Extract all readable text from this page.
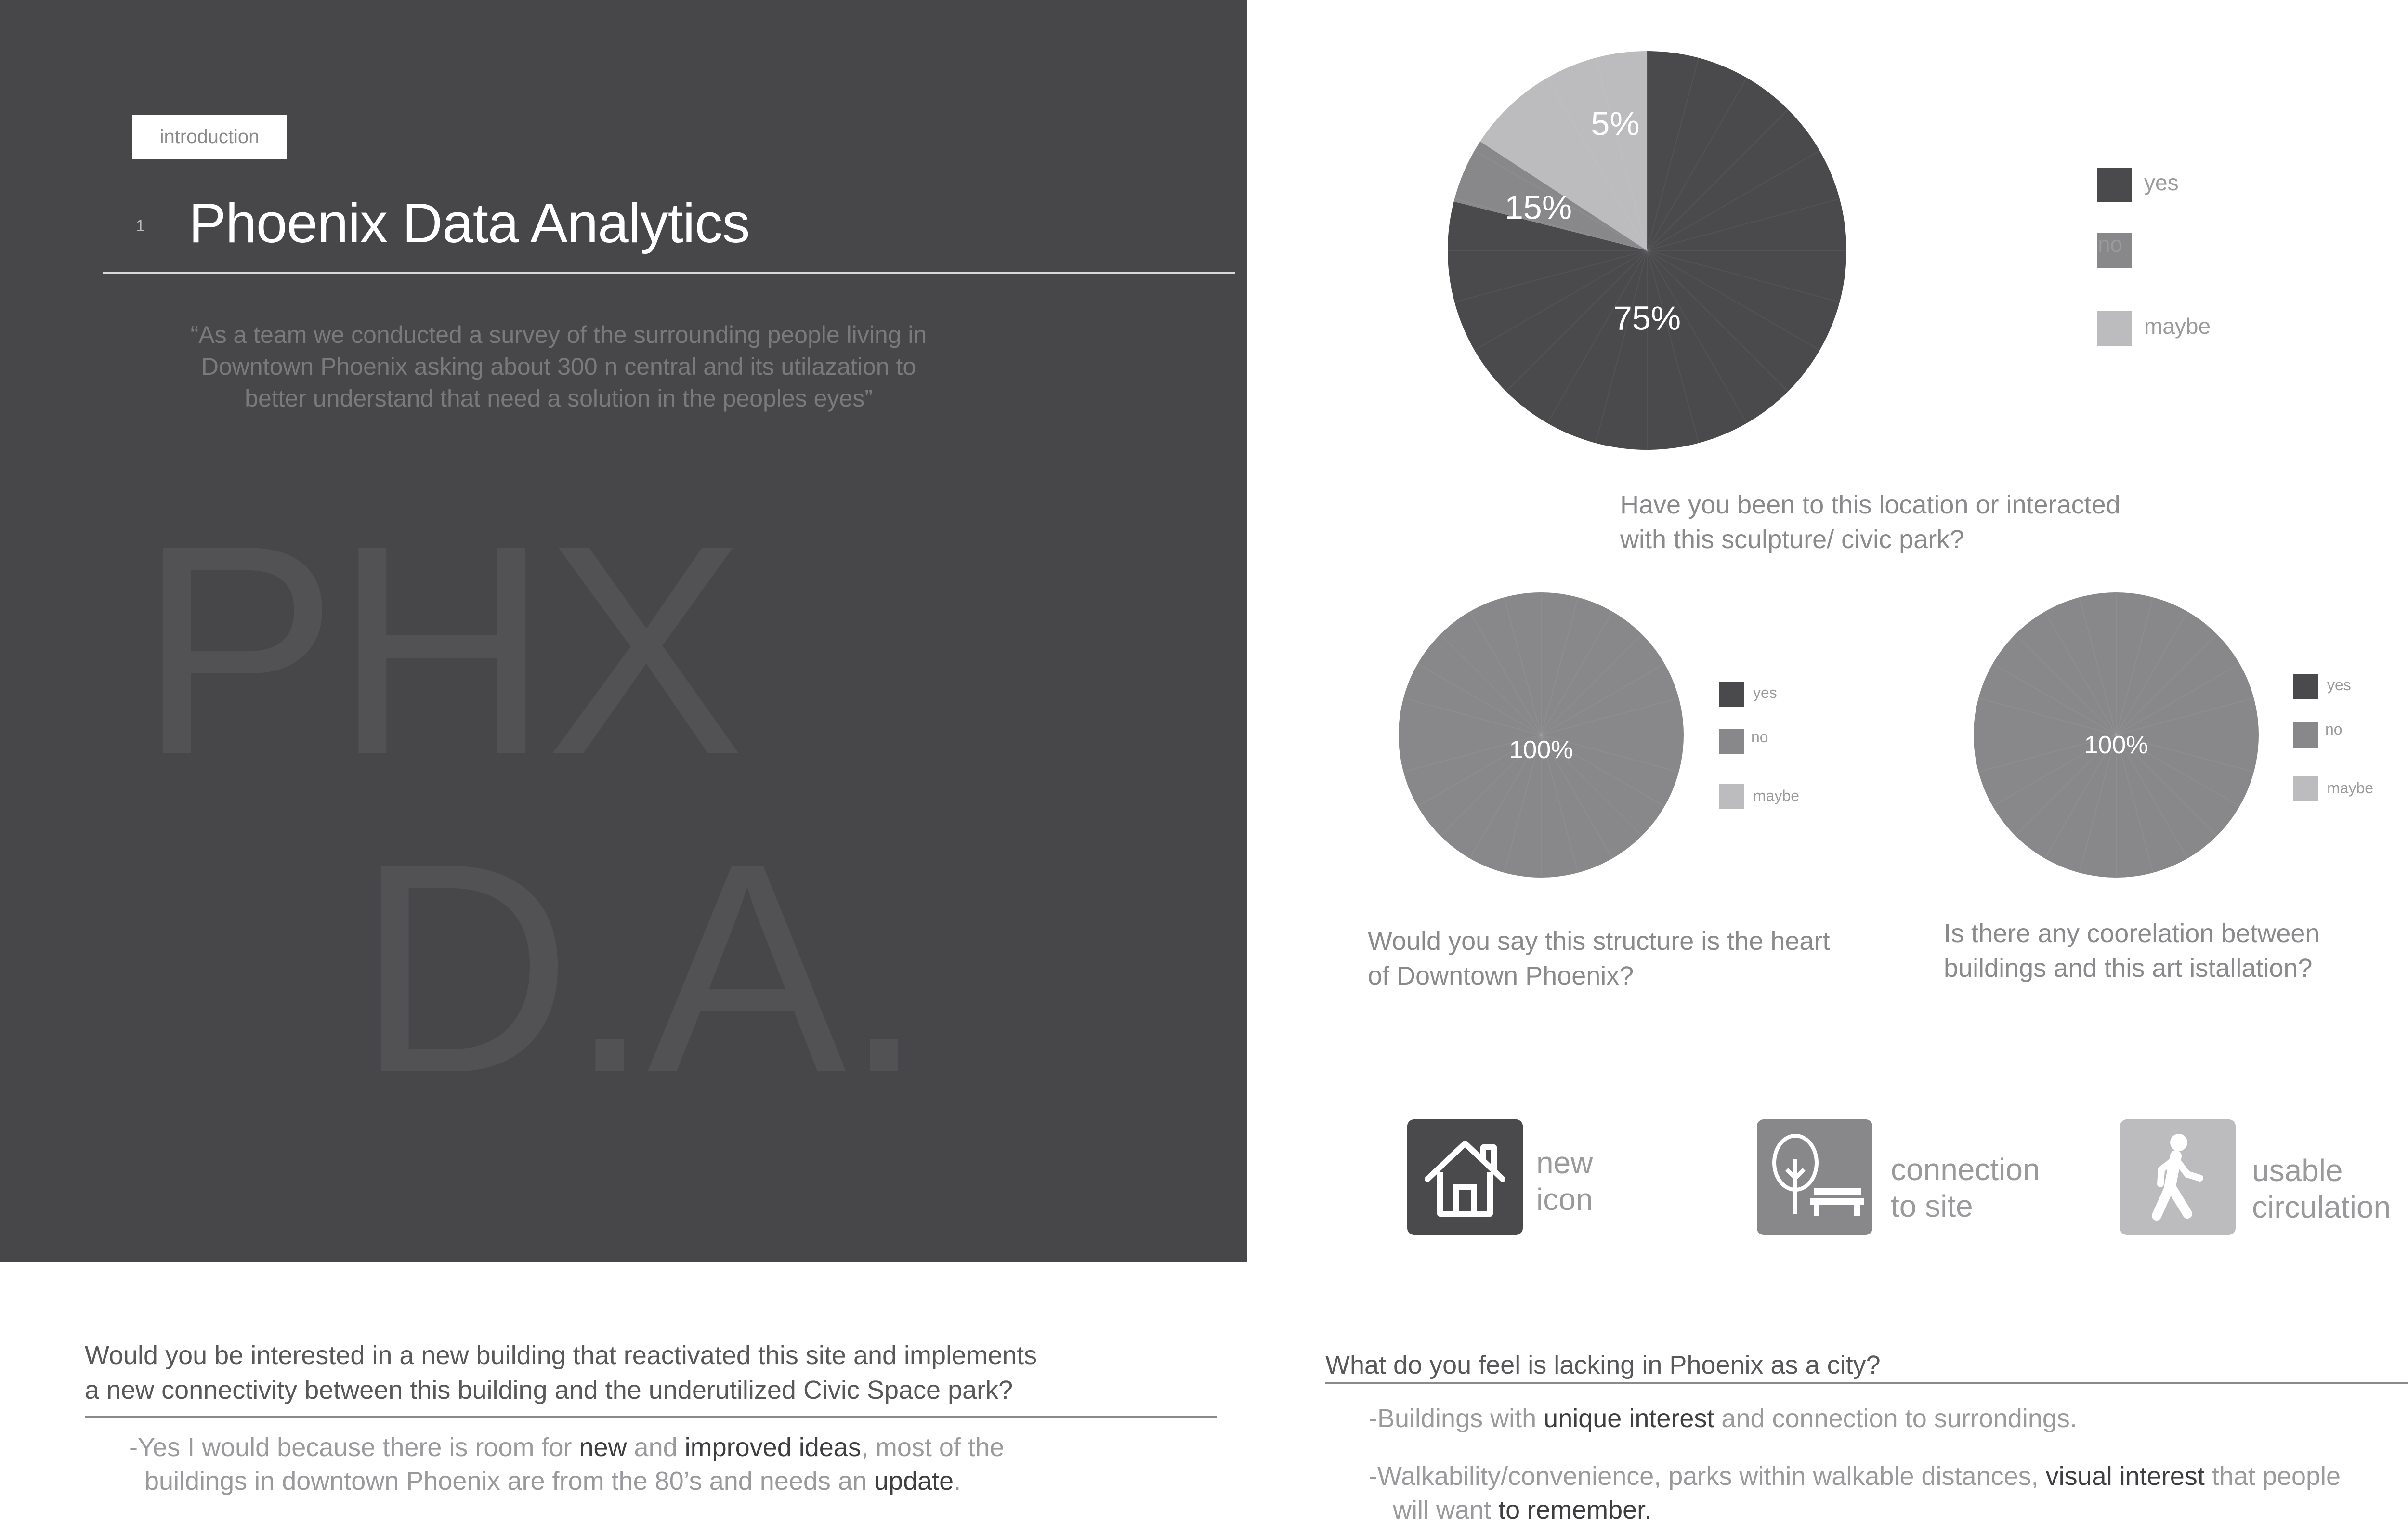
introduction
1 Phoenix Data Analytics
“As a team we conducted a survey of the surrounding people living in
Downtown Phoenix asking about 300 n central and its utilazation to
better understand that need a solution in the peoples eyes”
PHX
D.A.
75%
5%
15%
yes
no
maybe
Have you been to this location or interacted
with this sculpture/ civic park?
100%
yes
no
maybe
Would you say this structure is the heart
of Downtown Phoenix?
100%
yes
no
maybe
Is there any coorelation between
buildings and this art istallation?
new
icon
connection
to site
usable
circulation
Would you be interested in a new building that reactivated this site and implements
a new connectivity between this building and the underutilized Civic Space park?
-Yes I would because there is room for new and improved ideas, most of the
buildings in downtown Phoenix are from the 80’s and needs an update.
What do you feel is lacking in Phoenix as a city?
-Buildings with unique interest and connection to surrondings.
-Walkability/convenience, parks within walkable distances, visual interest that people
will want to remember.
